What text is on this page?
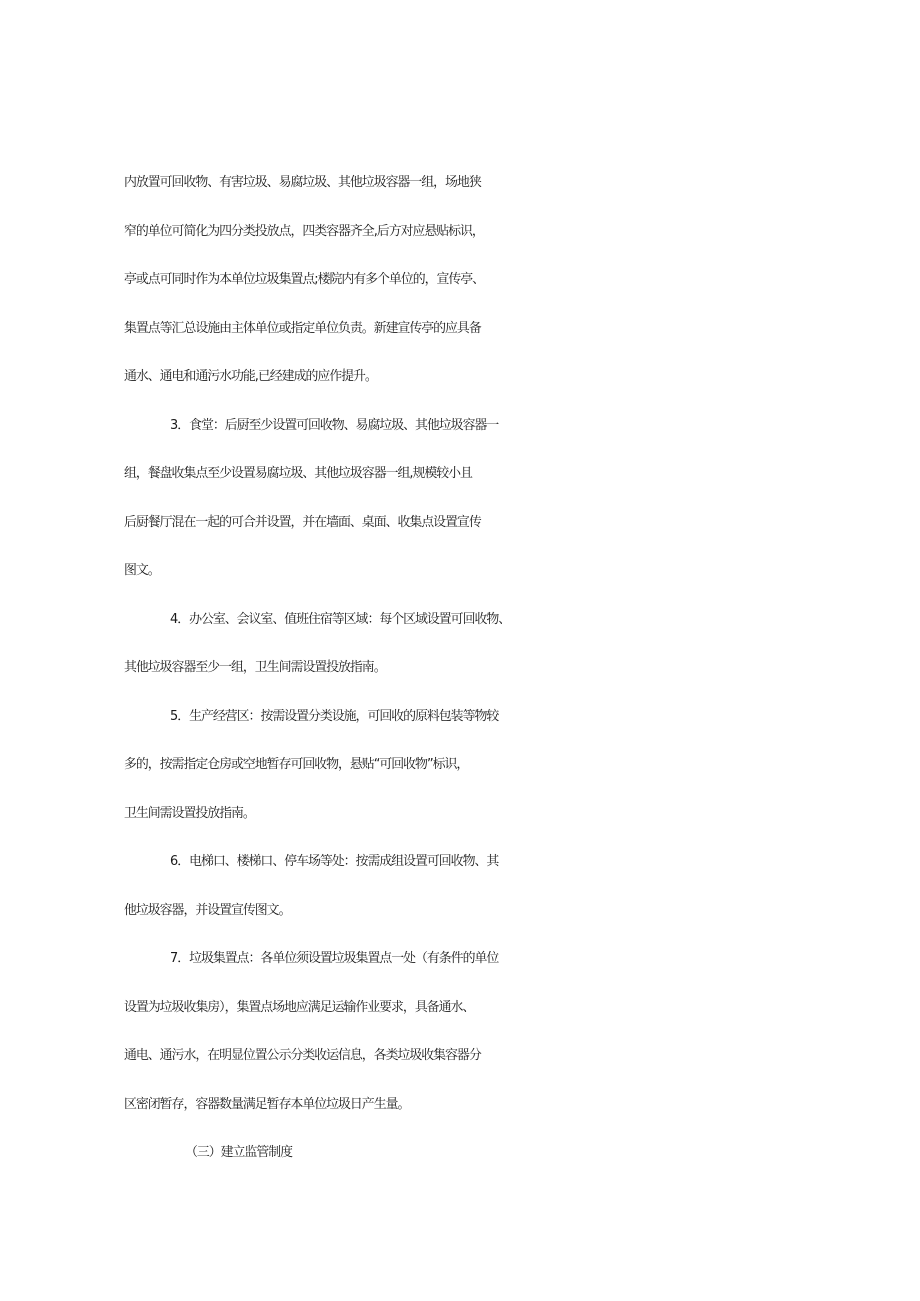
内放置可回收物、有害垃圾、易腐垃圾、其他垃圾容器一组，场地狭
窄的单位可简化为四分类投放点，四类容器齐全,后方对应悬贴标识，
亭或点可同时作为本单位垃圾集置点;楼院内有多个单位的，宣传亭、
集置点等汇总设施由主体单位或指定单位负责。新建宣传亭的应具备
通水、通电和通污水功能,已经建成的应作提升。
3．食堂：后厨至少设置可回收物、易腐垃圾、其他垃圾容器一
组，餐盘收集点至少设置易腐垃圾、其他垃圾容器一组,规模较小且
后厨餐厅混在一起的可合并设置，并在墙面、桌面、收集点设置宣传
图文。
4．办公室、会议室、值班住宿等区域：每个区域设置可回收物、
其他垃圾容器至少一组，卫生间需设置投放指南。
5．生产经营区：按需设置分类设施，可回收的原料包装等物较
多的，按需指定仓房或空地暂存可回收物，悬贴“可回收物”标识，
卫生间需设置投放指南。
6．电梯口、楼梯口、停车场等处：按需成组设置可回收物、其
他垃圾容器，并设置宣传图文。
7．垃圾集置点：各单位须设置垃圾集置点一处（有条件的单位
设置为垃圾收集房），集置点场地应满足运输作业要求，具备通水、
通电、通污水，在明显位置公示分类收运信息，各类垃圾收集容器分
区密闭暂存，容器数量满足暂存本单位垃圾日产生量。
（三）建立监管制度
